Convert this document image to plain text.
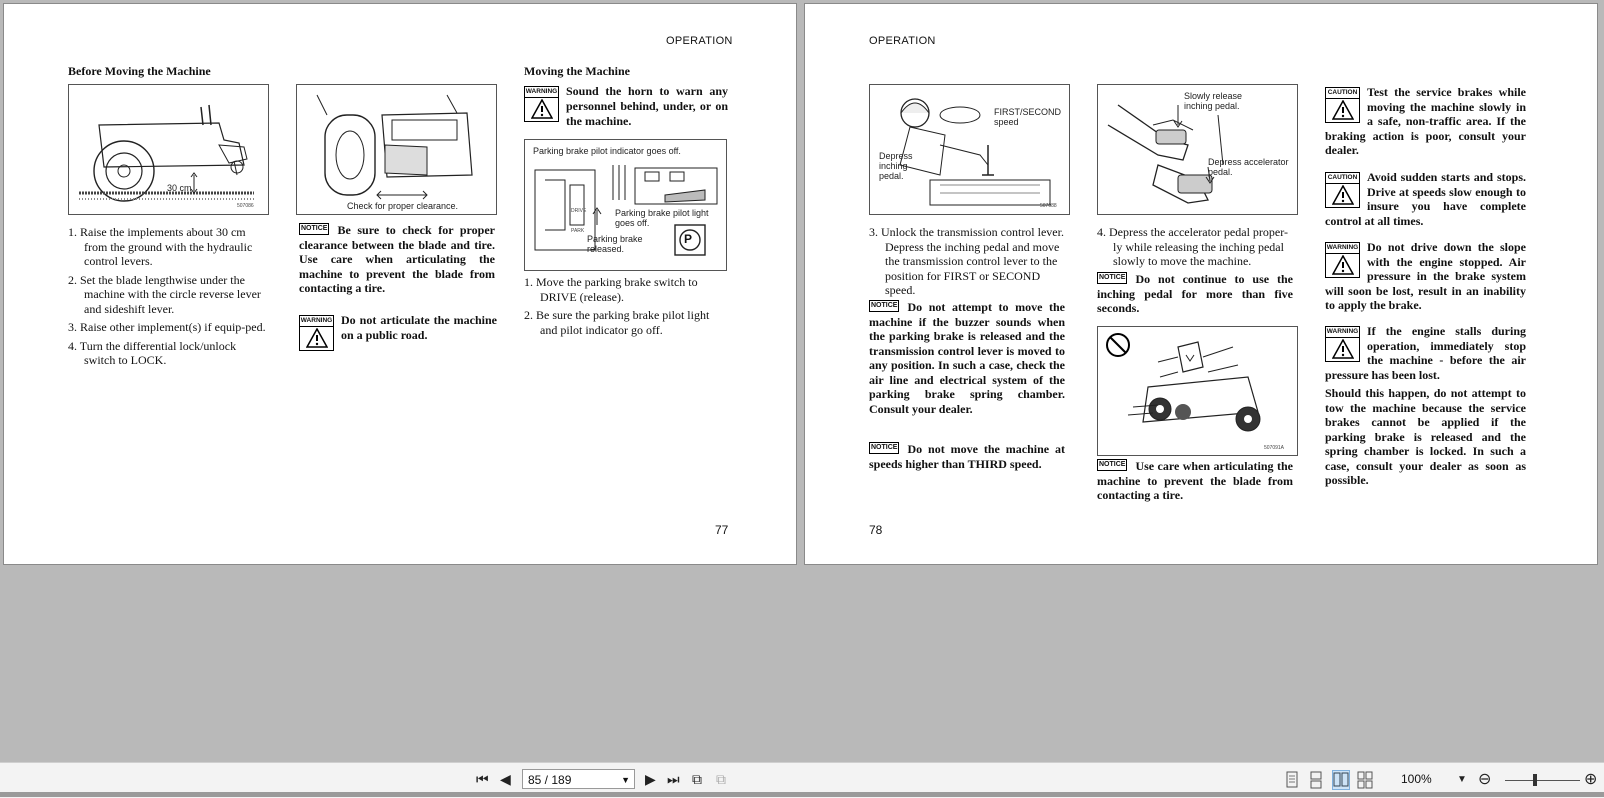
OPERATION
Before Moving the Machine
30 cm
507086
1. Raise the implements about 30 cm from the ground with the hydraulic control levers.
2. Set the blade lengthwise under the machine with the circle reverse lever and sideshift lever.
3. Raise other implement(s) if equip-ped.
4. Turn the differential lock/unlock switch to LOCK.
Check for proper clearance.
NOTICE Be sure to check for proper clearance between the blade and tire. Use care when articulating the machine to prevent the blade from contacting a tire.
WARNING Do not articulate the machine on a public road.
Moving the Machine
WARNING Sound the horn to warn any personnel behind, under, or on the machine.
Parking brake pilot indicator goes off.
Parking brake pilot light goes off.
Parking brake released.
DRIVE
PARK
P
1. Move the parking brake switch to DRIVE (release).
2. Be sure the parking brake pilot light and pilot indicator go off.
77
OPERATION
FIRST/SECOND speed
Depress inching pedal.
507088
3. Unlock the transmission control lever. Depress the inching pedal and move the transmission control lever to the position for FIRST or SECOND speed.
NOTICE Do not attempt to move the machine if the buzzer sounds when the parking brake is released and the transmission control lever is moved to any position. In such a case, check the air line and electrical system of the parking brake spring chamber. Consult your dealer.
NOTICE Do not move the machine at speeds higher than THIRD speed.
Slowly release inching pedal.
Depress accelerator pedal.
4. Depress the accelerator pedal proper-ly while releasing the inching pedal slowly to move the machine.
NOTICE Do not continue to use the inching pedal for more than five seconds.
507091A
NOTICE Use care when articulating the machine to prevent the blade from contacting a tire.
CAUTION Test the service brakes while moving the machine slowly in a safe, non-traffic area. If the braking action is poor, consult your dealer.
CAUTION Avoid sudden starts and stops. Drive at speeds slow enough to insure you have complete control at all times.
WARNING Do not drive down the slope with the engine stopped. Air pressure in the brake system will soon be lost, result in an inability to apply the brake.
WARNING If the engine stalls during operation, immediately stop the machine - before the air pressure has been lost.
Should this happen, do not attempt to tow the machine because the service brakes cannot be applied if the parking brake is released and the spring chamber is locked. In such a case, consult your dealer as soon as possible.
78
⏮ ◀	85 / 189	▼ ▶ ⏭ ⧉ ⧉	100%	▼ ⊖	⊕
